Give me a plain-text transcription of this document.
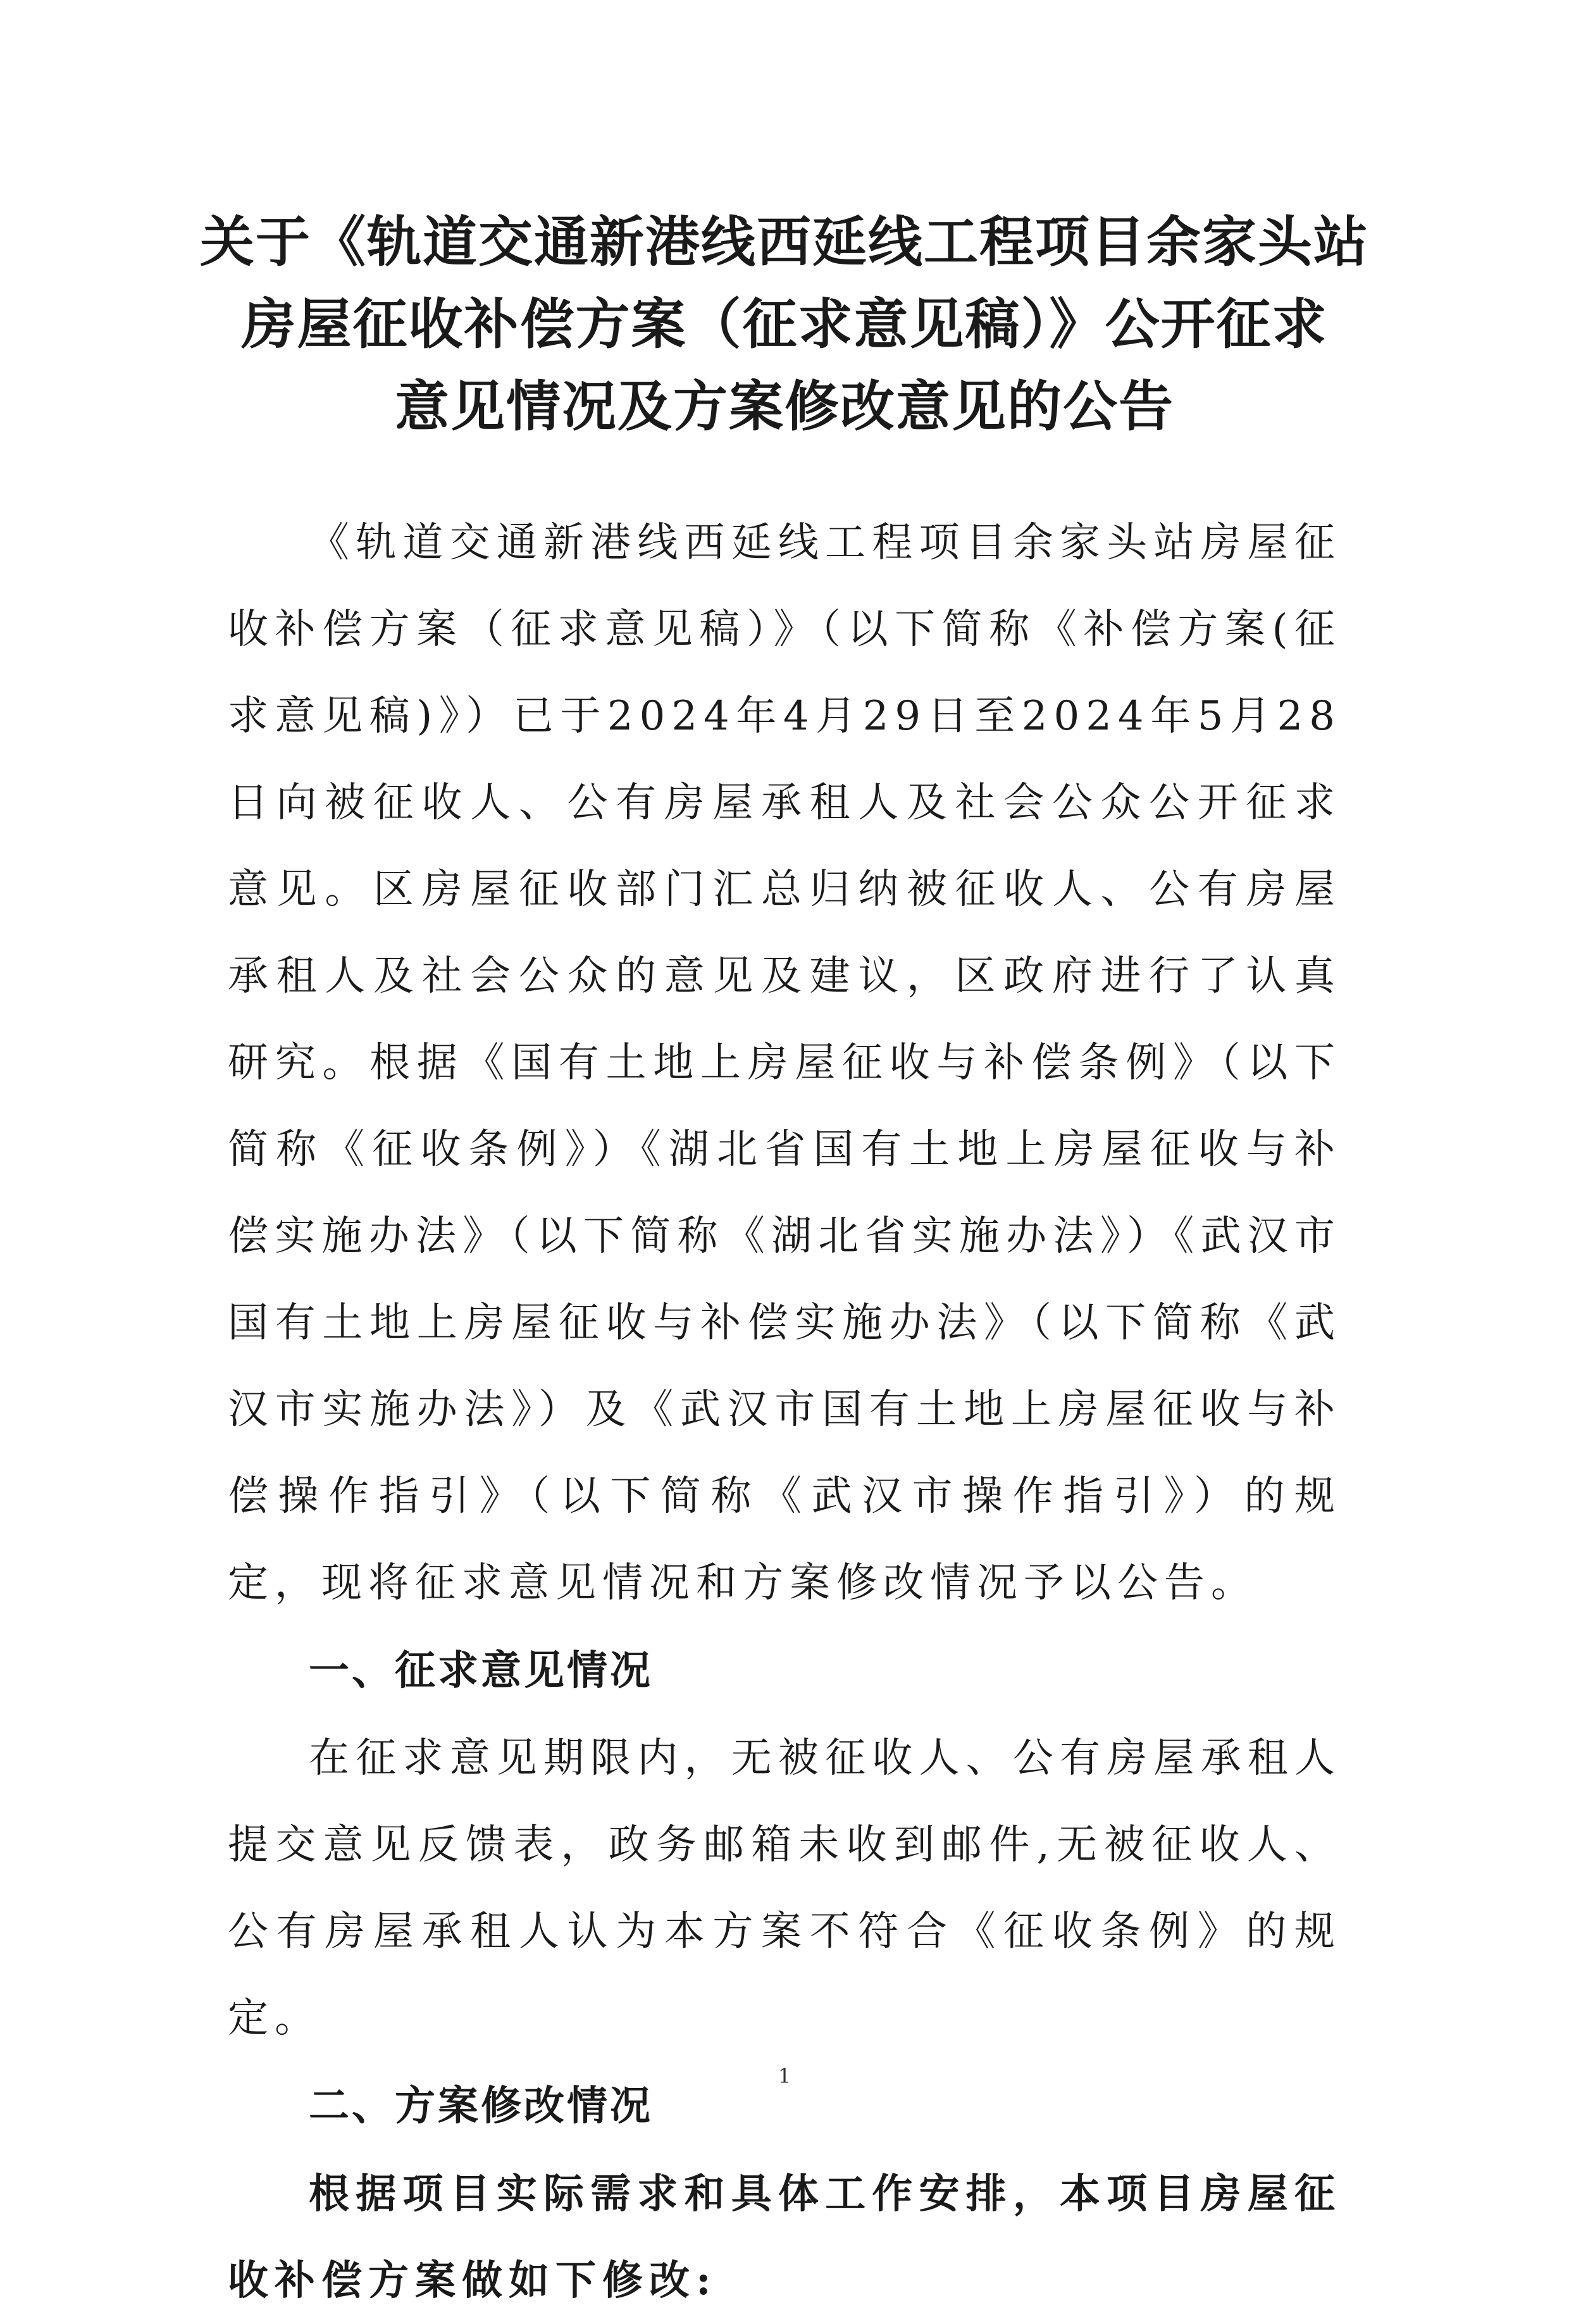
关于《轨道交通新港线西延线工程项目余家头站
房屋征收补偿方案（征求意见稿）》公开征求
意见情况及方案修改意见的公告

《轨道交通新港线西延线工程项目余家头站房屋征收补偿方案（征求意见稿）》（以下简称《补偿方案(征求意见稿)》）已于2024年4月29日至2024年5月28日向被征收人、公有房屋承租人及社会公众公开征求意见。区房屋征收部门汇总归纳被征收人、公有房屋承租人及社会公众的意见及建议，区政府进行了认真研究。根据《国有土地上房屋征收与补偿条例》（以下简称《征收条例》）《湖北省国有土地上房屋征收与补偿实施办法》（以下简称《湖北省实施办法》）《武汉市国有土地上房屋征收与补偿实施办法》（以下简称《武汉市实施办法》）及《武汉市国有土地上房屋征收与补偿操作指引》（以下简称《武汉市操作指引》）的规定，现将征求意见情况和方案修改情况予以公告。

一、征求意见情况

在征求意见期限内，无被征收人、公有房屋承租人提交意见反馈表，政务邮箱未收到邮件,无被征收人、公有房屋承租人认为本方案不符合《征收条例》的规定。

二、方案修改情况

根据项目实际需求和具体工作安排，本项目房屋征收补偿方案做如下修改:

1
